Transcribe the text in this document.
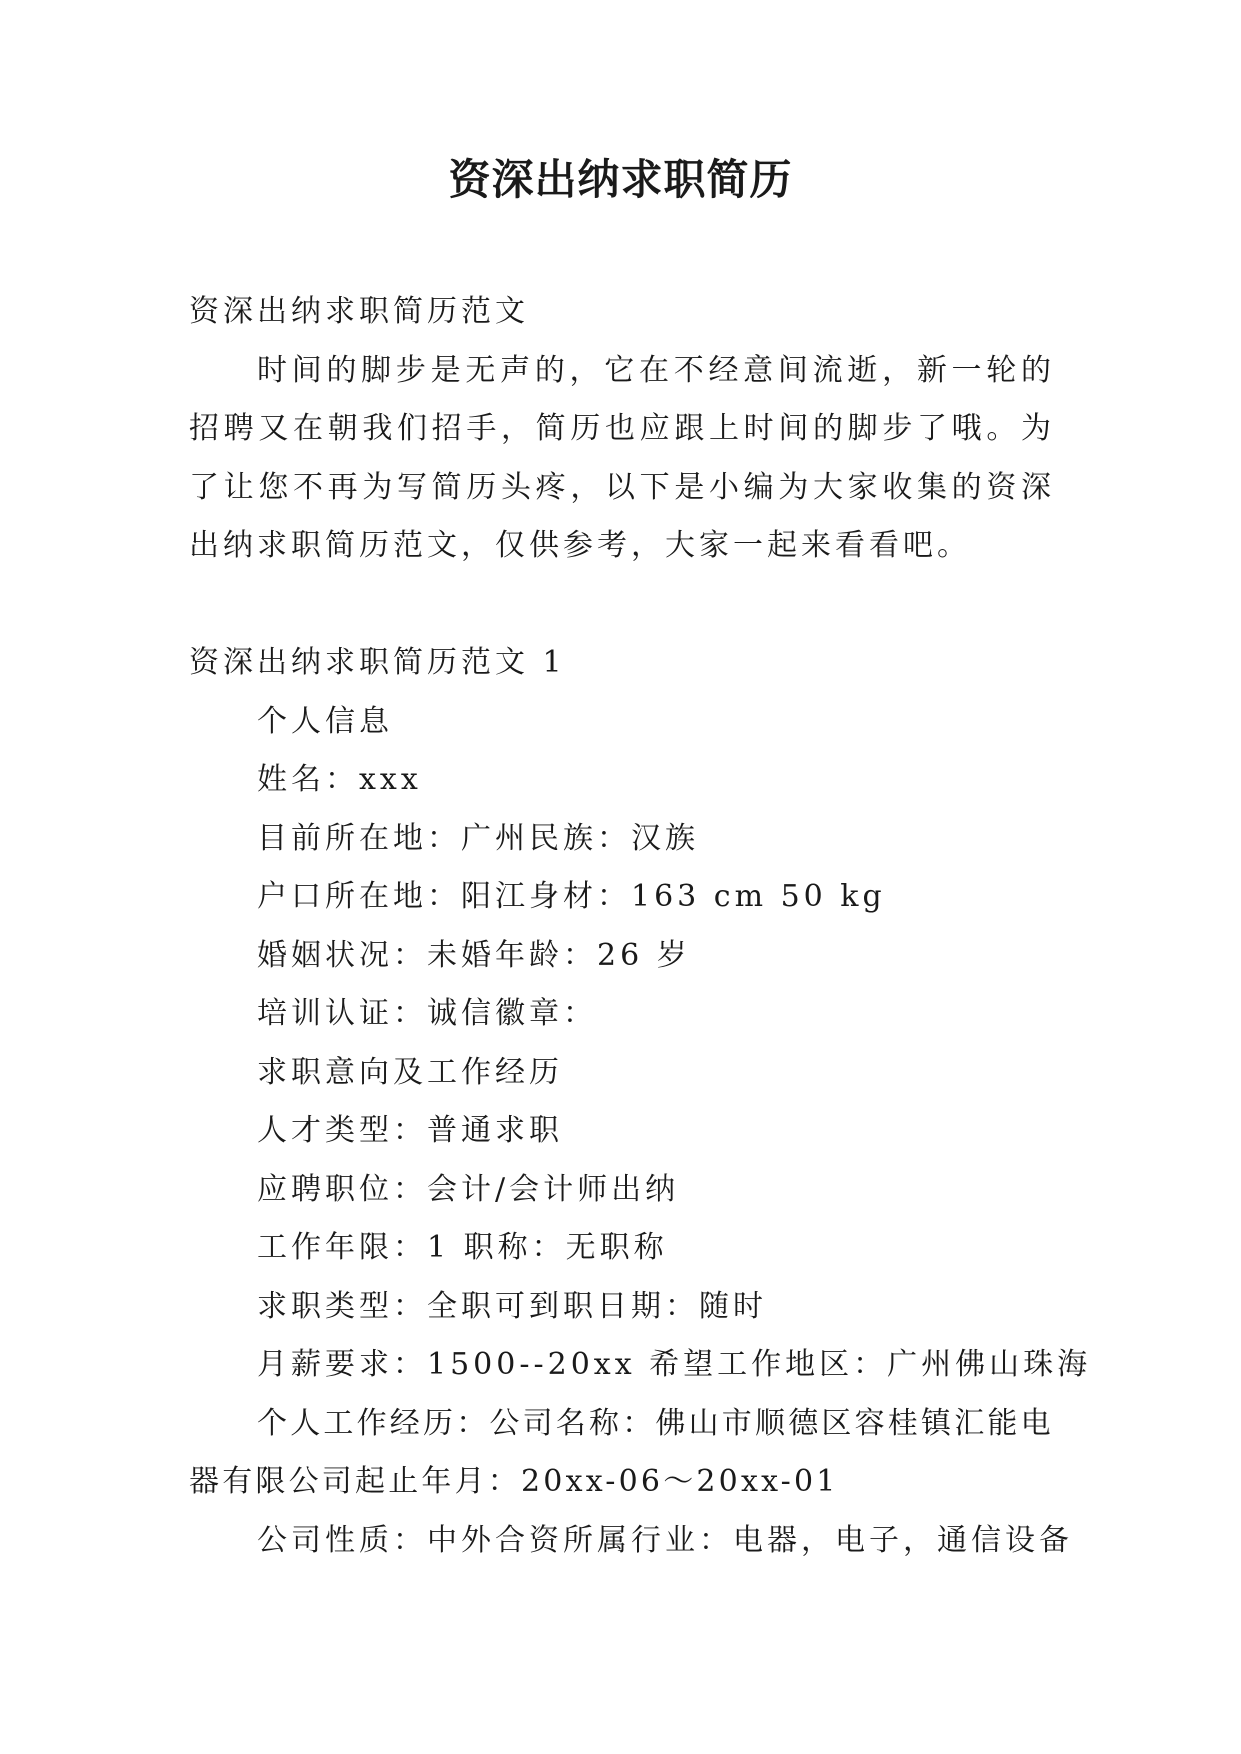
资深出纳求职简历
资深出纳求职简历范文
时间的脚步是无声的，它在不经意间流逝，新一轮的招聘又在朝我们招手，简历也应跟上时间的脚步了哦。为了让您不再为写简历头疼，以下是小编为大家收集的资深出纳求职简历范文，仅供参考，大家一起来看看吧。
资深出纳求职简历范文 1
个人信息
姓名：xxx
目前所在地：广州民族：汉族
户口所在地：阳江身材：163 cm 50 kg
婚姻状况：未婚年龄：26 岁
培训认证：诚信徽章：
求职意向及工作经历
人才类型：普通求职
应聘职位：会计/会计师出纳
工作年限：1 职称：无职称
求职类型：全职可到职日期：随时
月薪要求：1500--20xx 希望工作地区：广州佛山珠海
个人工作经历：公司名称：佛山市顺德区容桂镇汇能电器有限公司起止年月：20xx-06～20xx-01
公司性质：中外合资所属行业：电器，电子，通信设备
